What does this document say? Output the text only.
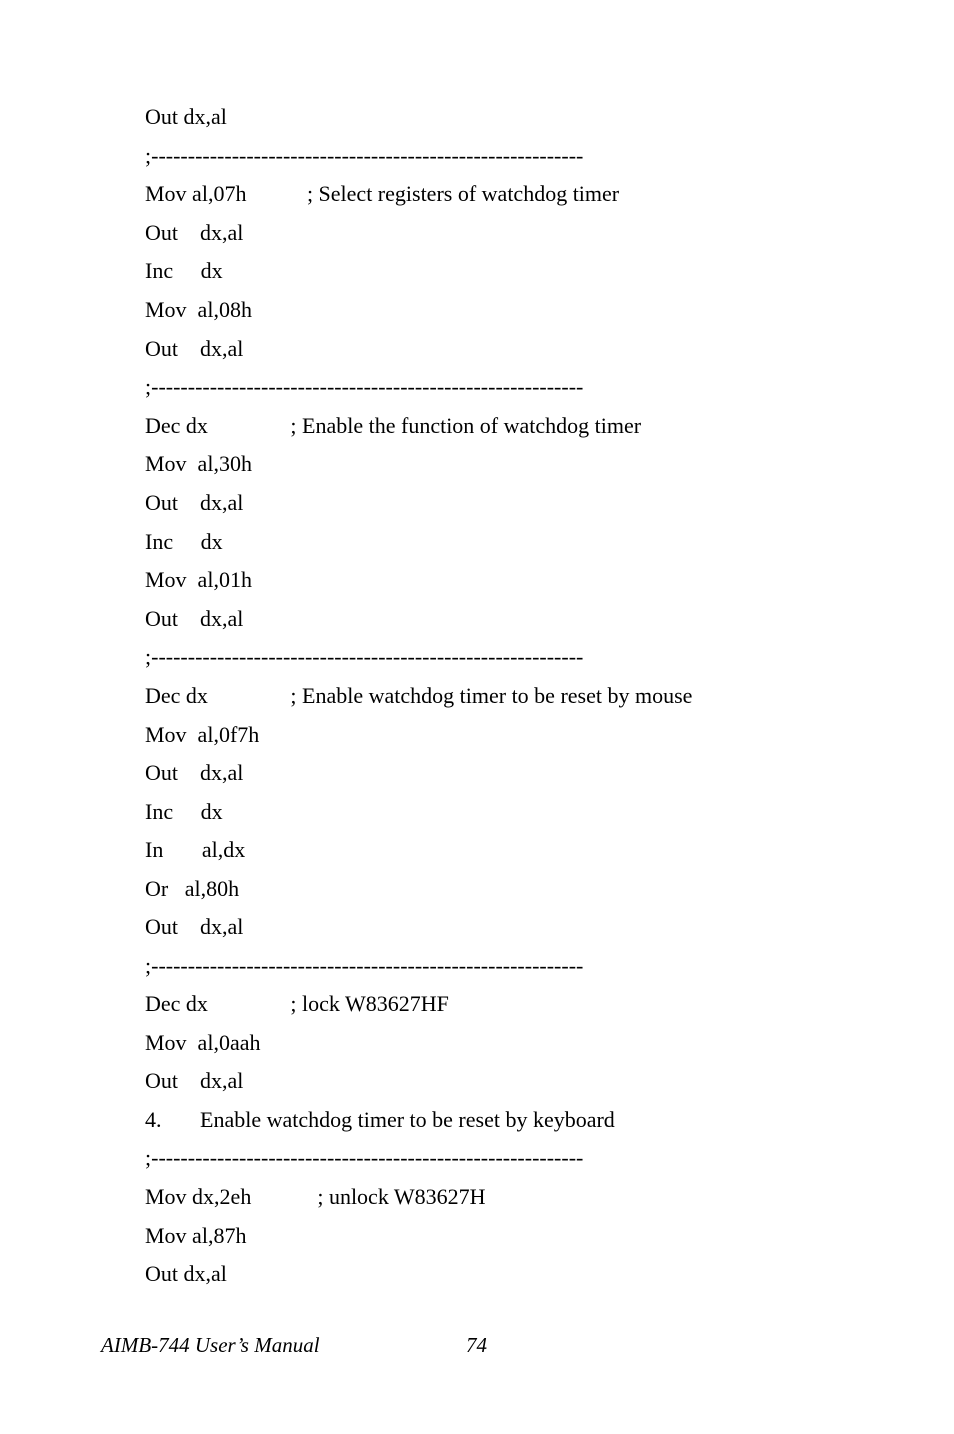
Out dx,al
;-----------------------------------------------------------
Mov al,07h           ; Select registers of watchdog timer
Out    dx,al
Inc     dx
Mov  al,08h
Out    dx,al
;-----------------------------------------------------------
Dec dx               ; Enable the function of watchdog timer
Mov  al,30h
Out    dx,al
Inc     dx
Mov  al,01h
Out    dx,al
;-----------------------------------------------------------
Dec dx               ; Enable watchdog timer to be reset by mouse
Mov  al,0f7h
Out    dx,al
Inc     dx
In       al,dx
Or   al,80h
Out    dx,al
;-----------------------------------------------------------
Dec dx               ; lock W83627HF
Mov  al,0aah
Out    dx,al
4.       Enable watchdog timer to be reset by keyboard
;-----------------------------------------------------------
Mov dx,2eh            ; unlock W83627H
Mov al,87h
Out dx,al
AIMB-744 User’s Manual	74
